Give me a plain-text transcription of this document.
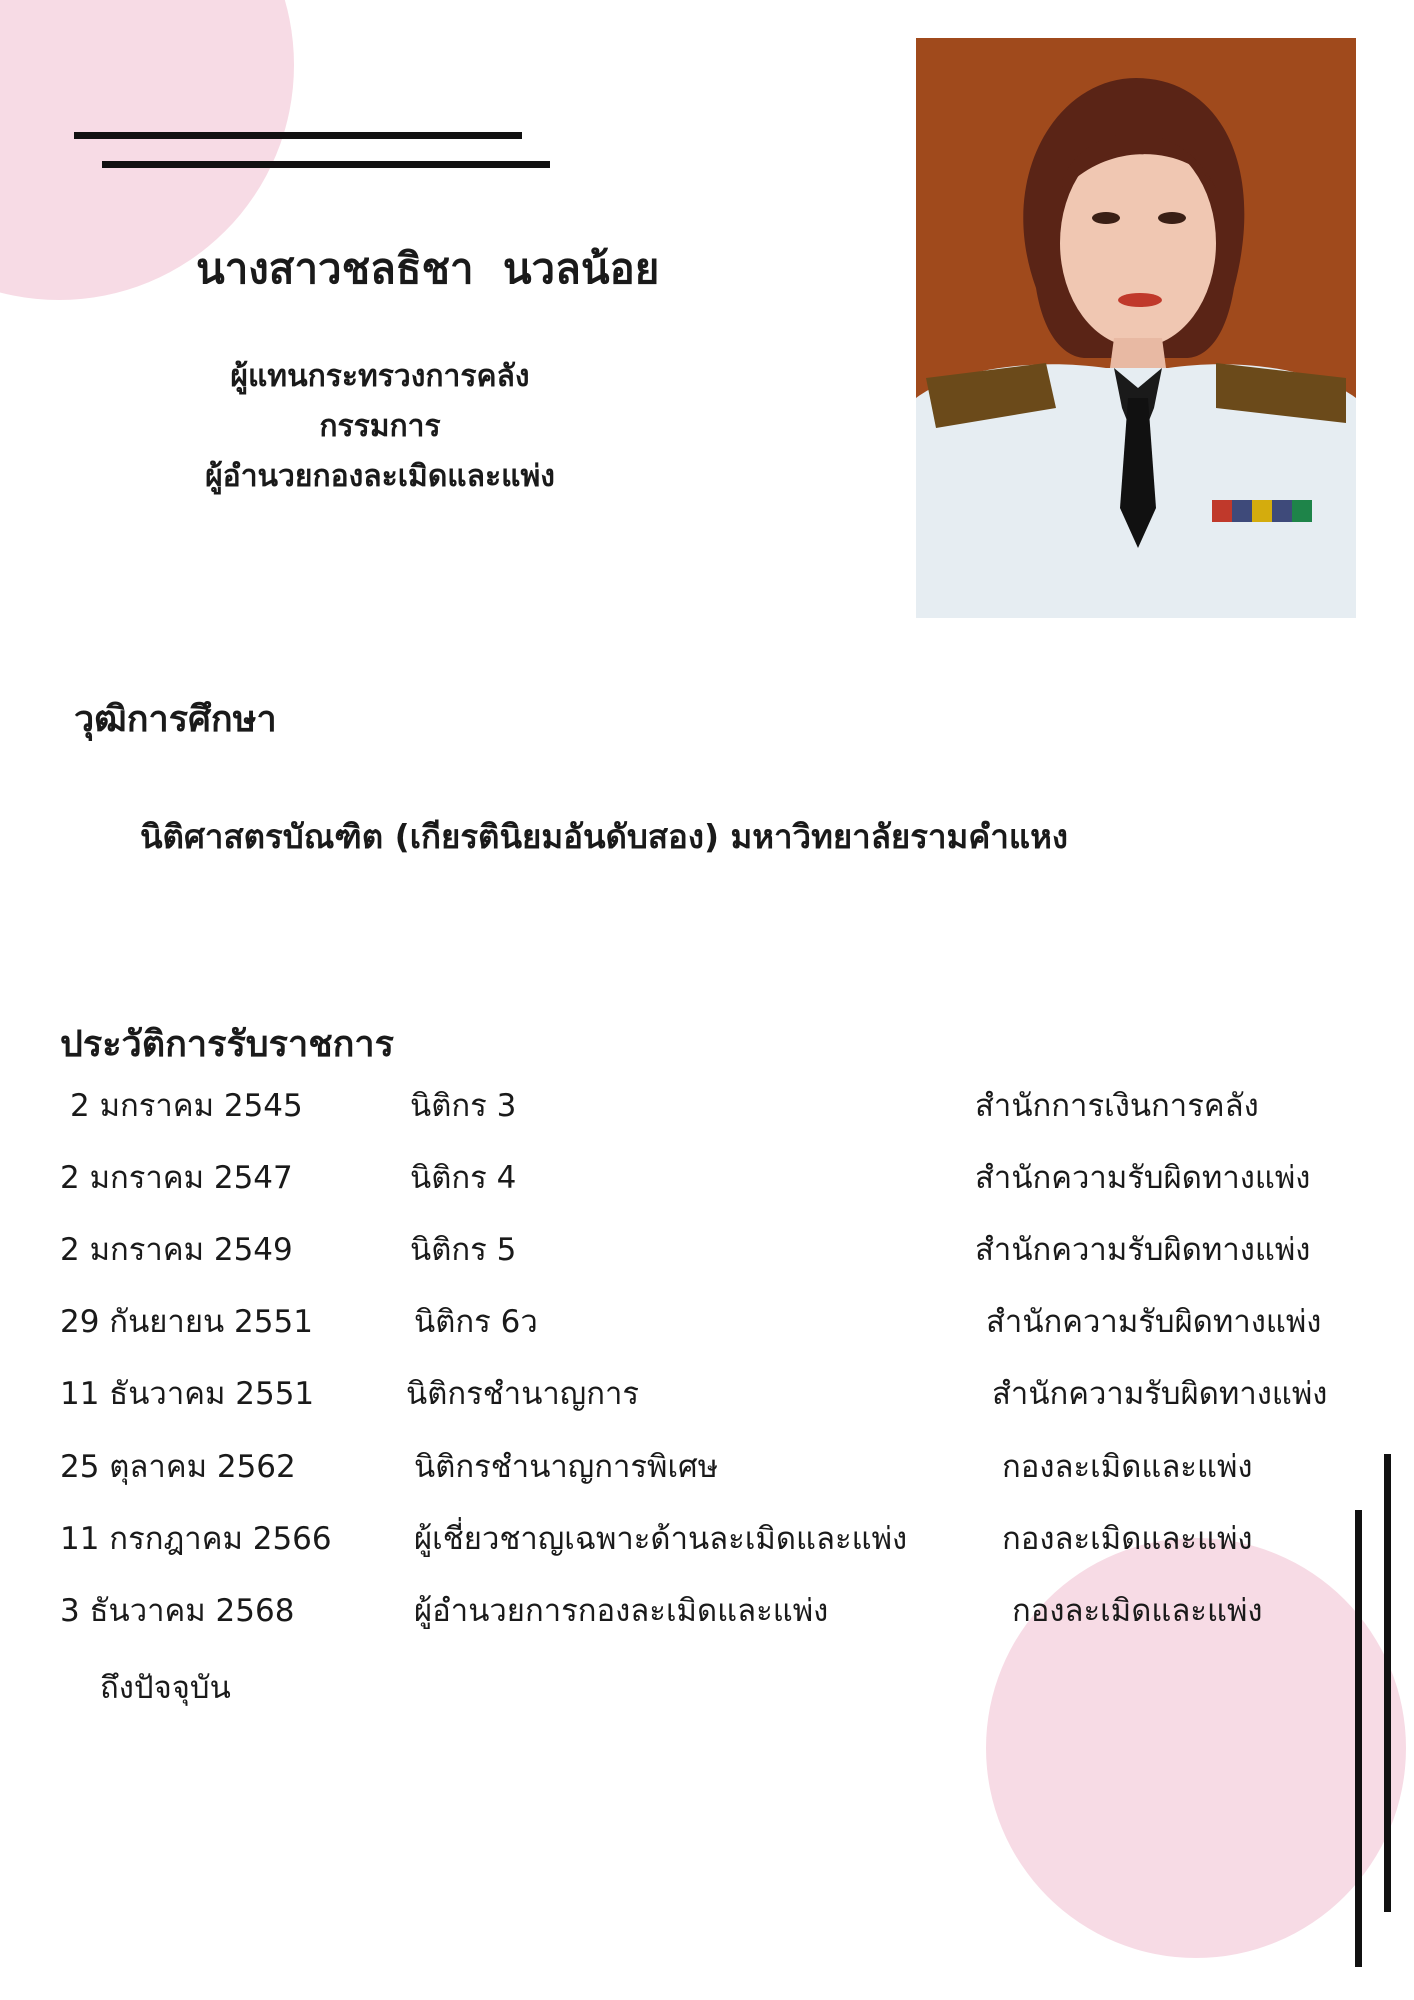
นางสาวชลธิชา  นวลน้อย
ผู้แทนกระทรวงการคลัง
กรรมการ
ผู้อำนวยกองละเมิดและแพ่ง
วุฒิการศึกษา
นิติศาสตรบัณฑิต (เกียรตินิยมอันดับสอง) มหาวิทยาลัยรามคำแหง
ประวัติการรับราชการ
2 มกราคม 2545	นิติกร 3	สำนักการเงินการคลัง
2 มกราคม 2547	นิติกร 4	สำนักความรับผิดทางแพ่ง
2 มกราคม 2549	นิติกร 5	สำนักความรับผิดทางแพ่ง
29 กันยายน 2551	นิติกร 6ว	สำนักความรับผิดทางแพ่ง
11 ธันวาคม 2551	นิติกรชำนาญการ	สำนักความรับผิดทางแพ่ง
25 ตุลาคม 2562	นิติกรชำนาญการพิเศษ	กองละเมิดและแพ่ง
11 กรกฎาคม 2566	ผู้เชี่ยวชาญเฉพาะด้านละเมิดและแพ่ง	กองละเมิดและแพ่ง
3 ธันวาคม 2568	ผู้อำนวยการกองละเมิดและแพ่ง	กองละเมิดและแพ่ง
ถึงปัจจุบัน
